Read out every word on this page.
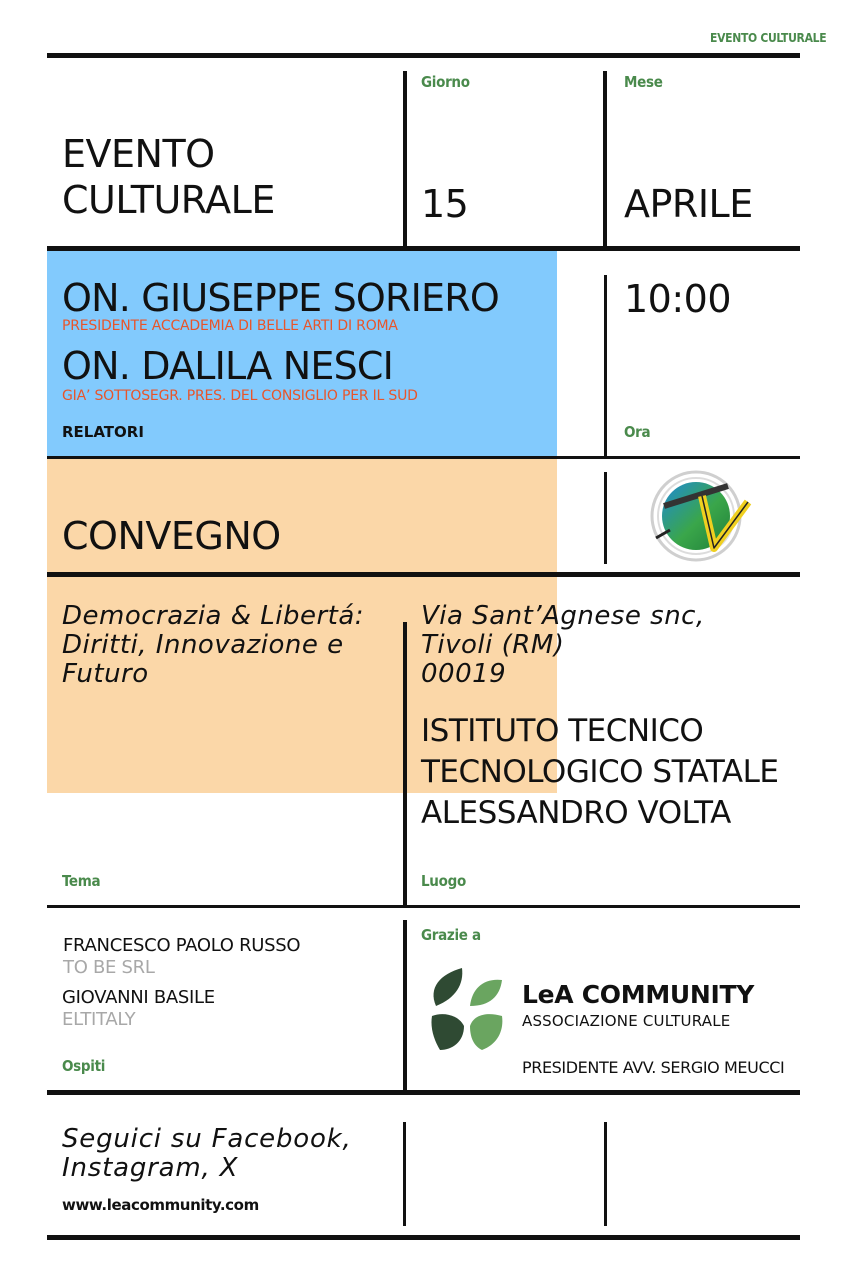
EVENTO CULTURALE
EVENTO
CULTURALE
Giorno
15
Mese
APRILE
ON. GIUSEPPE SORIERO
PRESIDENTE ACCADEMIA DI BELLE ARTI DI ROMA
ON. DALILA NESCI
GIA’ SOTTOSEGR. PRES. DEL CONSIGLIO PER IL SUD
RELATORI
10:00
Ora
CONVEGNO
Democrazia & Libertá:
Diritti, Innovazione e
Futuro
Tema
Via Sant’Agnese snc,
Tivoli (RM)
00019
ISTITUTO TECNICO
TECNOLOGICO STATALE
ALESSANDRO VOLTA
Luogo
FRANCESCO PAOLO RUSSO
TO BE SRL
GIOVANNI BASILE
ELTITALY
Ospiti
Grazie a
LeA COMMUNITY
ASSOCIAZIONE CULTURALE
PRESIDENTE AVV. SERGIO MEUCCI
Seguici su Facebook,
Instagram, X
www.leacommunity.com
